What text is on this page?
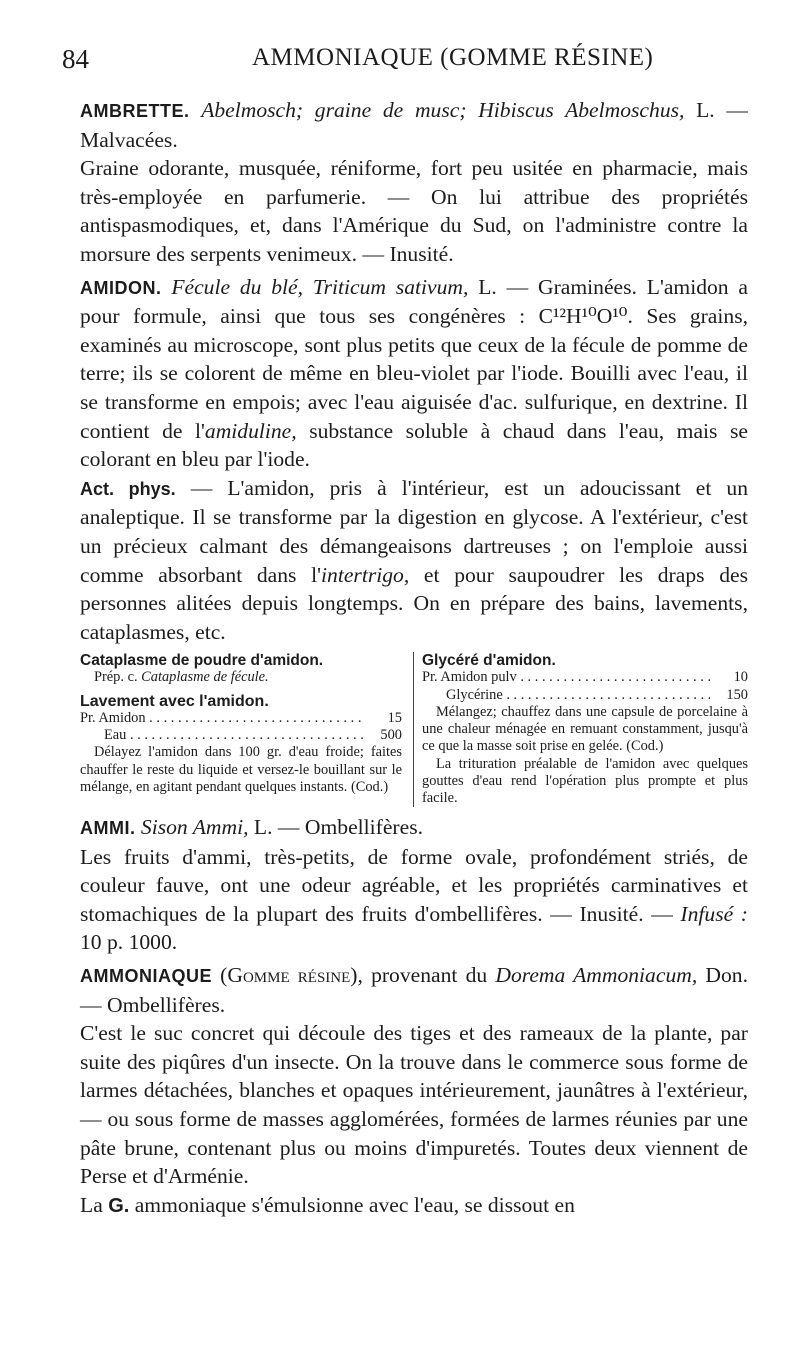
84	AMMONIAQUE (GOMME RÉSINE)

AMBRETTE. Abelmosch; graine de musc; Hibiscus Abelmoschus, L. — Malvacées.

Graine odorante, musquée, réniforme, fort peu usitée en pharmacie, mais très-employée en parfumerie. — On lui attribue des propriétés antispasmodiques, et, dans l'Amérique du Sud, on l'administre contre la morsure des serpents venimeux. — Inusité.

AMIDON. Fécule du blé, Triticum sativum, L. — Graminées. L'amidon a pour formule, ainsi que tous ses congénères : C¹²H¹⁰O¹⁰. Ses grains, examinés au microscope, sont plus petits que ceux de la fécule de pomme de terre; ils se colorent de même en bleu-violet par l'iode. Bouilli avec l'eau, il se transforme en empois; avec l'eau aiguisée d'ac. sulfurique, en dextrine. Il contient de l'amiduline, substance soluble à chaud dans l'eau, mais se colorant en bleu par l'iode.

Act. phys. — L'amidon, pris à l'intérieur, est un adoucissant et un analeptique. Il se transforme par la digestion en glycose. A l'extérieur, c'est un précieux calmant des démangeaisons dartreuses ; on l'emploie aussi comme absorbant dans l'intertrigo, et pour saupoudrer les draps des personnes alitées depuis longtemps. On en prépare des bains, lavements, cataplasmes, etc.

Cataplasme de poudre d'amidon.

Prép. c. Cataplasme de fécule.

Lavement avec l'amidon.
Pr. Amidon . . .	15
Eau . . .	500

Délayez l'amidon dans 100 gr. d'eau froide; faites chauffer le reste du liquide et versez-le bouillant sur le mélange, en agitant pendant quelques instants. (Cod.)

Glycéré d'amidon.
Pr. Amidon pulv . . .	10
Glycérine . . .	150

Mélangez; chauffez dans une capsule de porcelaine à une chaleur ménagée en remuant constamment, jusqu'à ce que la masse soit prise en gelée. (Cod.)

La trituration préalable de l'amidon avec quelques gouttes d'eau rend l'opération plus prompte et plus facile.

AMMI. Sison Ammi, L. — Ombellifères.

Les fruits d'ammi, très-petits, de forme ovale, profondément striés, de couleur fauve, ont une odeur agréable, et les propriétés carminatives et stomachiques de la plupart des fruits d'ombellifères. — Inusité. — Infusé : 10 p. 1000.

AMMONIAQUE (Gomme résine), provenant du Dorema Ammoniacum, Don. — Ombellifères.

C'est le suc concret qui découle des tiges et des rameaux de la plante, par suite des piqûres d'un insecte. On la trouve dans le commerce sous forme de larmes détachées, blanches et opaques intérieurement, jaunâtres à l'extérieur, — ou sous forme de masses agglomérées, formées de larmes réunies par une pâte brune, contenant plus ou moins d'impuretés. Toutes deux viennent de Perse et d'Arménie.

La G. ammoniaque s'émulsionne avec l'eau, se dissout en
